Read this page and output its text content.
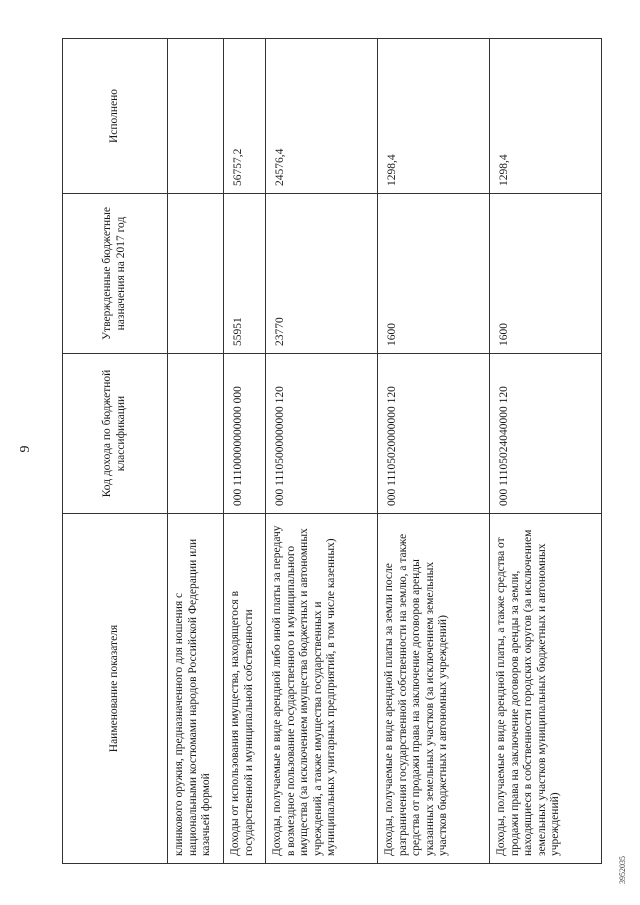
9
Наименование показателя	Код дохода по бюджетной классификации	Утвержденные бюджетные назначения на 2017 год	Исполнено
клинкового оружия, предназначенного для ношения с национальными костюмами народов Российской Федерации или казачьей формой			
Доходы от использования имущества, находящегося в государственной и муниципальной собственности	000 11100000000000 000	55951	56757,2
Доходы, получаемые в виде арендной либо иной платы за передачу в возмездное пользование государственного и муниципального имущества (за исключением имущества бюджетных и автономных учреждений, а также имущества государственных и муниципальных унитарных предприятий, в том числе казенных)	000 11105000000000 120	23770	24576,4
Доходы, получаемые в виде арендной платы за земли после разграничения государственной собственности на землю, а также средства от продажи права на заключение договоров аренды указанных земельных участков (за исключением земельных участков бюджетных и автономных учреждений)	000 11105020000000 120	1600	1298,4
Доходы, получаемые в виде арендной платы, а также средства от продажи права на заключение договоров аренды за земли, находящиеся в собственности городских округов (за исключением земельных участков муниципальных бюджетных и автономных учреждений)	000 11105024040000 120	1600	1298,4
3952035
